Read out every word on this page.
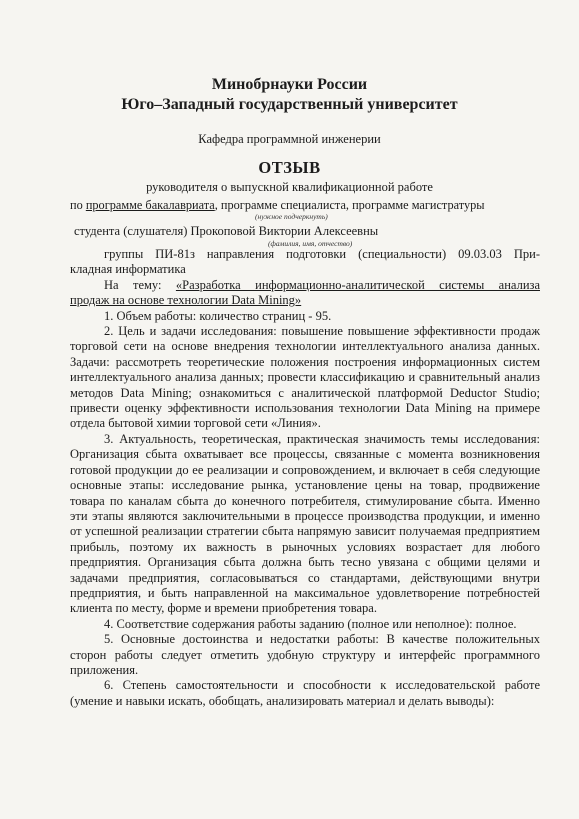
Минобрнауки России
Юго–Западный государственный университет
Кафедра программной инженерии
ОТЗЫВ
руководителя о выпускной квалификационной работе
по программе бакалавриата, программе специалиста, программе магистратуры
(нужное подчеркнуть)
студента (слушателя) Прокоповой Виктории Алексеевны
(фамилия, имя, отчество)

группы ПИ-81з направления подготовки (специальности) 09.03.03 При-

кладная информатика

На тему: «Разработка информационно-аналитической системы анализа

продаж на основе технологии Data Mining»

1. Объем работы: количество страниц - 95.

2. Цель и задачи исследования: повышение повышение эффективности продаж торговой сети на основе внедрения технологии интеллектуального анализа данных. Задачи: рассмотреть теоретические положения построения информационных систем интеллектуального анализа данных; провести классификацию и сравнительный анализ методов Data Mining; ознакомиться с аналитической платформой Deductor Studio; привести оценку эффективности использования технологии Data Mining на примере отдела бытовой химии торговой сети «Линия».

3. Актуальность, теоретическая, практическая значимость темы исследования: Организация сбыта охватывает все процессы, связанные с момента возникновения готовой продукции до ее реализации и сопровождением, и включает в себя следующие основные этапы: исследование рынка, установление цены на товар, продвижение товара по каналам сбыта до конечного потребителя, стимулирование сбыта. Именно эти этапы являются заключительными в процессе производства продукции, и именно от успешной реализации стратегии сбыта напрямую зависит получаемая предприятием прибыль, поэтому их важность в рыночных условиях возрастает для любого предприятия. Организация сбыта должна быть тесно увязана с общими целями и задачами предприятия, согласовываться со стандартами, действующими внутри предприятия, и быть направленной на максимальное удовлетворение потребностей клиента по месту, форме и времени приобретения товара.

4. Соответствие содержания работы заданию (полное или неполное): полное.

5. Основные достоинства и недостатки работы: В качестве положительных сторон работы следует отметить удобную структуру и интерфейс программного приложения.

6. Степень самостоятельности и способности к исследовательской работе (умение и навыки искать, обобщать, анализировать материал и делать выводы):
